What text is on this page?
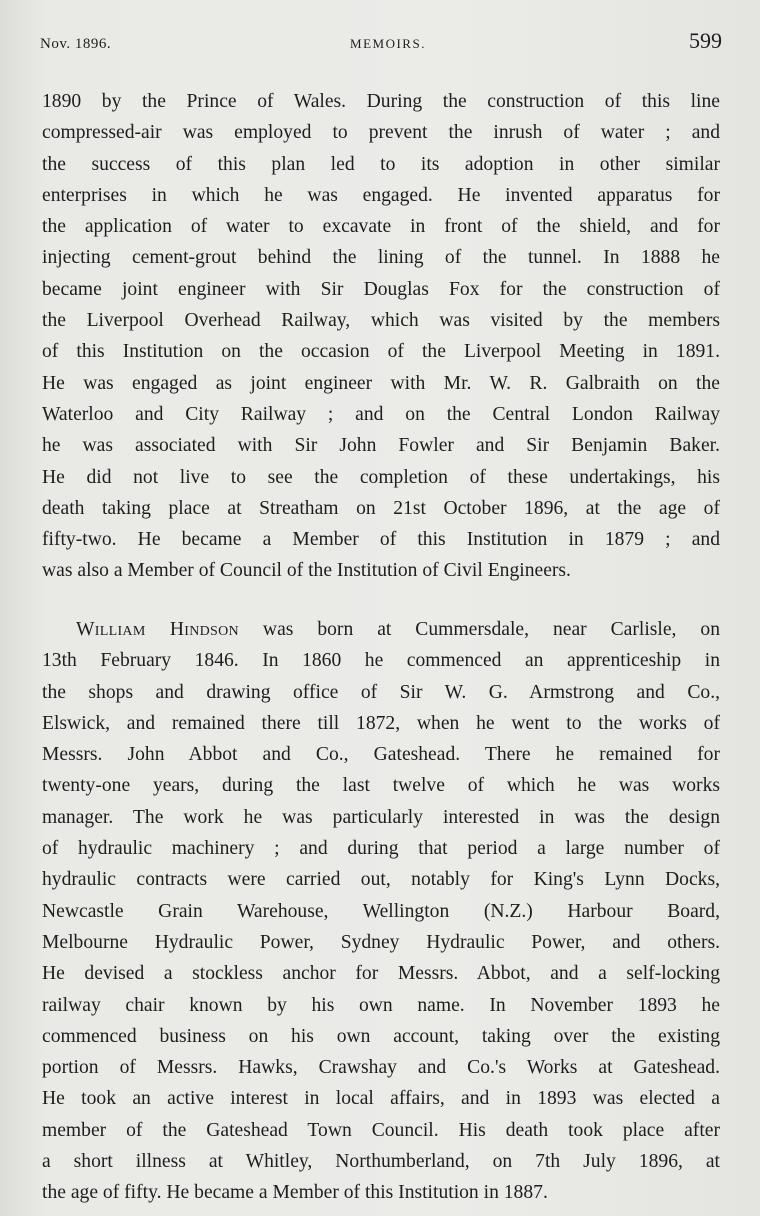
Nov. 1896.	MEMOIRS.	599
1890 by the Prince of Wales. During the construction of this line
compressed-air was employed to prevent the inrush of water ; and
the success of this plan led to its adoption in other similar
enterprises in which he was engaged. He invented apparatus for
the application of water to excavate in front of the shield, and for
injecting cement-grout behind the lining of the tunnel. In 1888 he
became joint engineer with Sir Douglas Fox for the construction of
the Liverpool Overhead Railway, which was visited by the members
of this Institution on the occasion of the Liverpool Meeting in 1891.
He was engaged as joint engineer with Mr. W. R. Galbraith on the
Waterloo and City Railway ; and on the Central London Railway
he was associated with Sir John Fowler and Sir Benjamin Baker.
He did not live to see the completion of these undertakings, his
death taking place at Streatham on 21st October 1896, at the age of
fifty-two. He became a Member of this Institution in 1879 ; and
was also a Member of Council of the Institution of Civil Engineers.
William Hindson was born at Cummersdale, near Carlisle, on
13th February 1846. In 1860 he commenced an apprenticeship in
the shops and drawing office of Sir W. G. Armstrong and Co.,
Elswick, and remained there till 1872, when he went to the works of
Messrs. John Abbot and Co., Gateshead. There he remained for
twenty-one years, during the last twelve of which he was works
manager. The work he was particularly interested in was the design
of hydraulic machinery ; and during that period a large number of
hydraulic contracts were carried out, notably for King's Lynn Docks,
Newcastle Grain Warehouse, Wellington (N.Z.) Harbour Board,
Melbourne Hydraulic Power, Sydney Hydraulic Power, and others.
He devised a stockless anchor for Messrs. Abbot, and a self-locking
railway chair known by his own name. In November 1893 he
commenced business on his own account, taking over the existing
portion of Messrs. Hawks, Crawshay and Co.'s Works at Gateshead.
He took an active interest in local affairs, and in 1893 was elected a
member of the Gateshead Town Council. His death took place after
a short illness at Whitley, Northumberland, on 7th July 1896, at
the age of fifty. He became a Member of this Institution in 1887.
